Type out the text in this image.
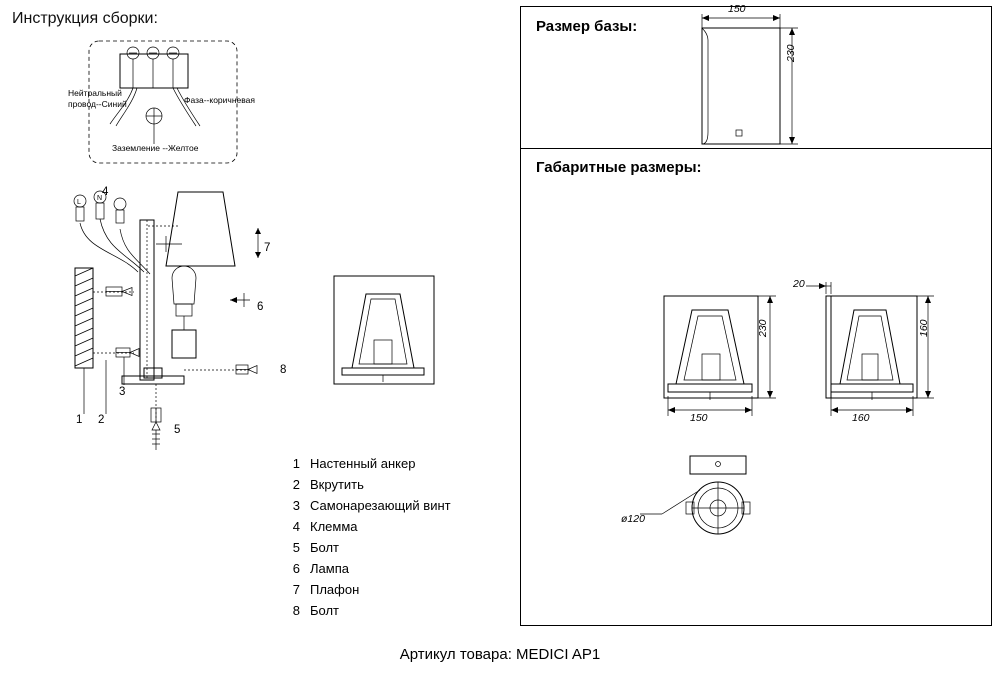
Инструкция сборки:
Нейтральный
провод--Синий	Фаза--коричневая
Заземление --Желтое
L
N
1 2
3
4
5
6
7
8
1 Настенный анкер
2 Вкрутить
3 Самонарезающий винт
4 Клемма
5 Болт
6 Лампа
7 Плафон
8 Болт
Размер базы:
Габаритные размеры:
150
230
150
230
20
160
160
ø120
Артикул товара: MEDICI AP1
